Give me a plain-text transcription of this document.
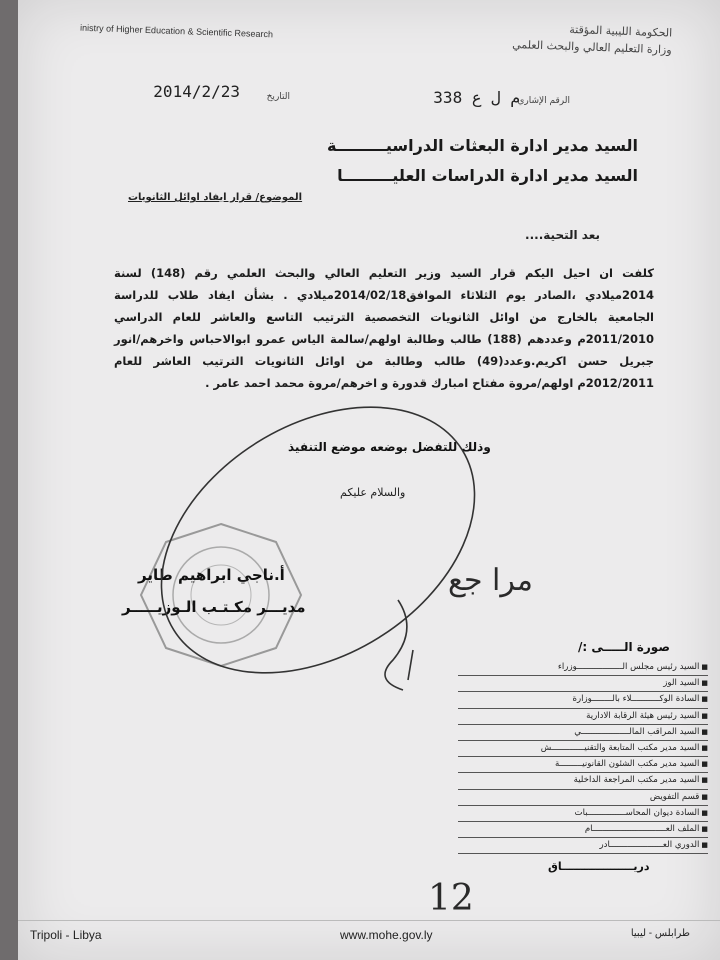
inistry of Higher Education & Scientific Research	الحكومة الليبية المؤقتة
وزارة التعليم العالي والبحث العلمي
الرقم الإشاري
م ل ع 338
التاريخ
2014/2/23
السيد مدير ادارة البعثات الدراسيـــــــــة
السيد مدير ادارة الدراسات العليـــــــــا
الموضوع/ قرار ايفاد اوائل الثانويات
بعد التحية....
كلفت ان احيل اليكم قرار السيد وزير التعليم العالي والبحث العلمي رقم (148) لسنة 2014ميلادي ،الصادر يوم الثلاثاء الموافق2014/02/18ميلادي . بشأن ايفاد طلاب للدراسة الجامعية بالخارج من اوائل الثانويات التخصصية الترتيب التاسع والعاشر للعام الدراسي 2011/2010م وعددهم (188) طالب وطالبة اولهم/سالمة الياس عمرو ابوالاحباس واخرهم/انور جبريل حسن اكريم.وعدد(49) طالب وطالبة من اوائل الثانويات الترتيب العاشر للعام 2012/2011م اولهم/مروة مفتاح امبارك قدورة و اخرهم/مروة محمد احمد عامر .
وذلك للتفضل بوضعه موضع التنفيذ
والسلام عليكم
أ.ناجي ابراهيم طاير
مديـــر مكـتـب الـوزيـــــر
صورة الـــــى :/
■ السيد رئيس مجلس الــــــــــــــــــوزراء
■ السيد الوز
■ السادة الوكـــــــــــلاء بالــــــــوزارة
■ السيد رئيس هيئة الرقابة الادارية
■ السيد المراقب المالـــــــــــــــــــي
■ السيد مدير مكتب المتابعة والتقنيـــــــــــــش
■ السيد مدير مكتب الشئون القانونيـــــــــة
■ السيد مدير مكتب المراجعة الداخلية
■ قسم التفويض
■ السادة ديوان المحاســـــــــــــــبات
■ الملف العـــــــــــــــــــــــــــــام
■ الدوري العـــــــــــــــــــــادر
دريـــــــــــــــــــاق
مرا جع
12
Tripoli - Libya	www.mohe.gov.ly	طرابلس - ليبيا
